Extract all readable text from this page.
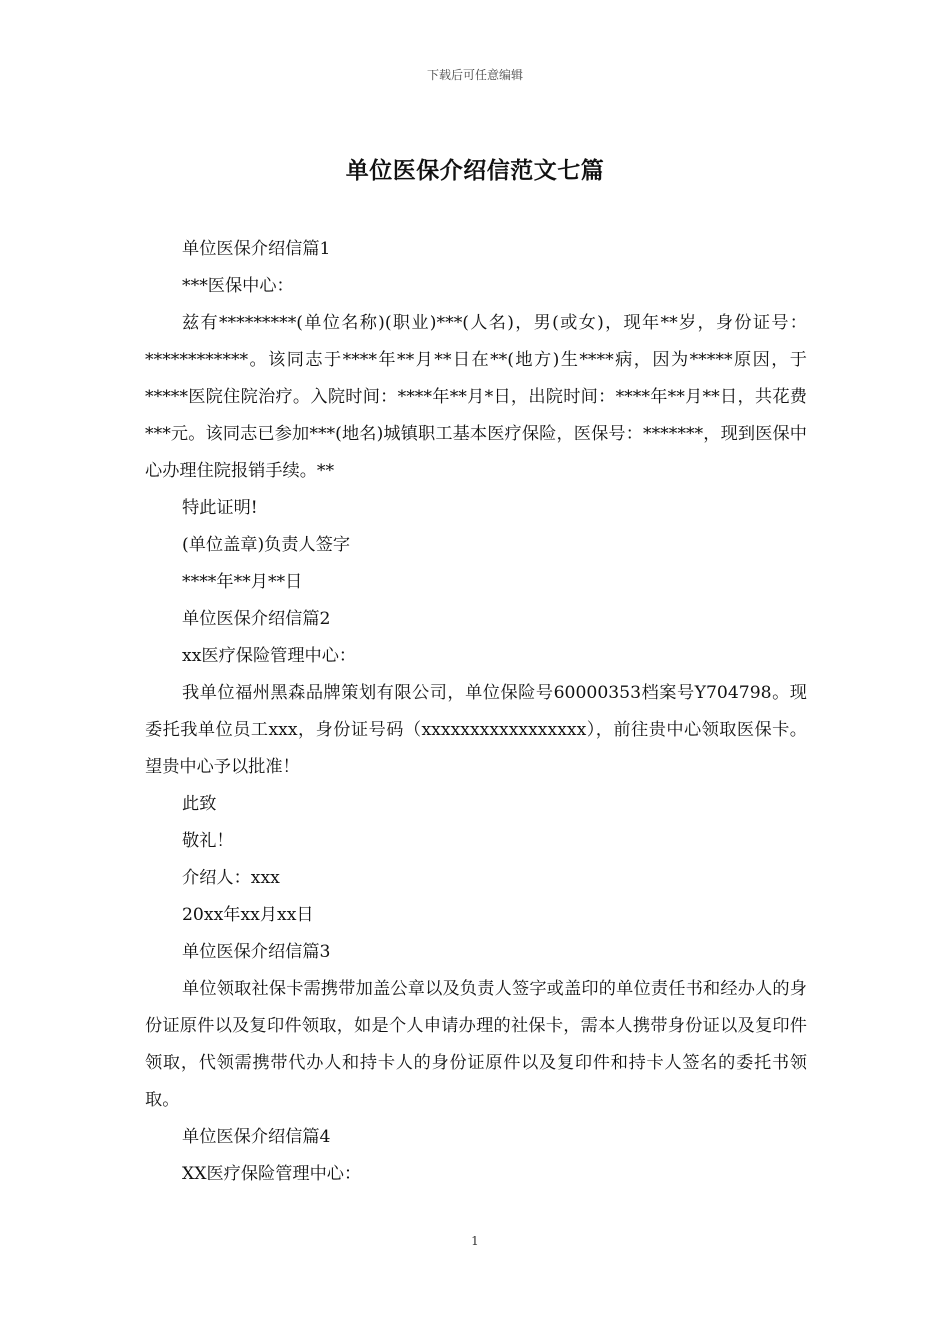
下载后可任意编辑
单位医保介绍信范文七篇

单位医保介绍信篇1

***医保中心：

兹有*********(单位名称)(职业)***(人名)，男(或女)，现年**岁，身份证号：************。该同志于****年**月**日在**(地方)生****病，因为*****原因，于*****医院住院治疗。入院时间：****年**月*日，出院时间：****年**月**日，共花费***元。该同志已参加***(地名)城镇职工基本医疗保险，医保号：*******，现到医保中心办理住院报销手续。**

特此证明!

(单位盖章)负责人签字

****年**月**日

单位医保介绍信篇2

xx医疗保险管理中心：

我单位福州黑森品牌策划有限公司，单位保险号60000353档案号Y704798。现委托我单位员工xxx，身份证号码（xxxxxxxxxxxxxxxxx），前往贵中心领取医保卡。望贵中心予以批准！

此致

敬礼！

介绍人：xxx

20xx年xx月xx日

单位医保介绍信篇3

单位领取社保卡需携带加盖公章以及负责人签字或盖印的单位责任书和经办人的身份证原件以及复印件领取，如是个人申请办理的社保卡，需本人携带身份证以及复印件领取，代领需携带代办人和持卡人的身份证原件以及复印件和持卡人签名的委托书领取。

单位医保介绍信篇4

XX医疗保险管理中心：

1
